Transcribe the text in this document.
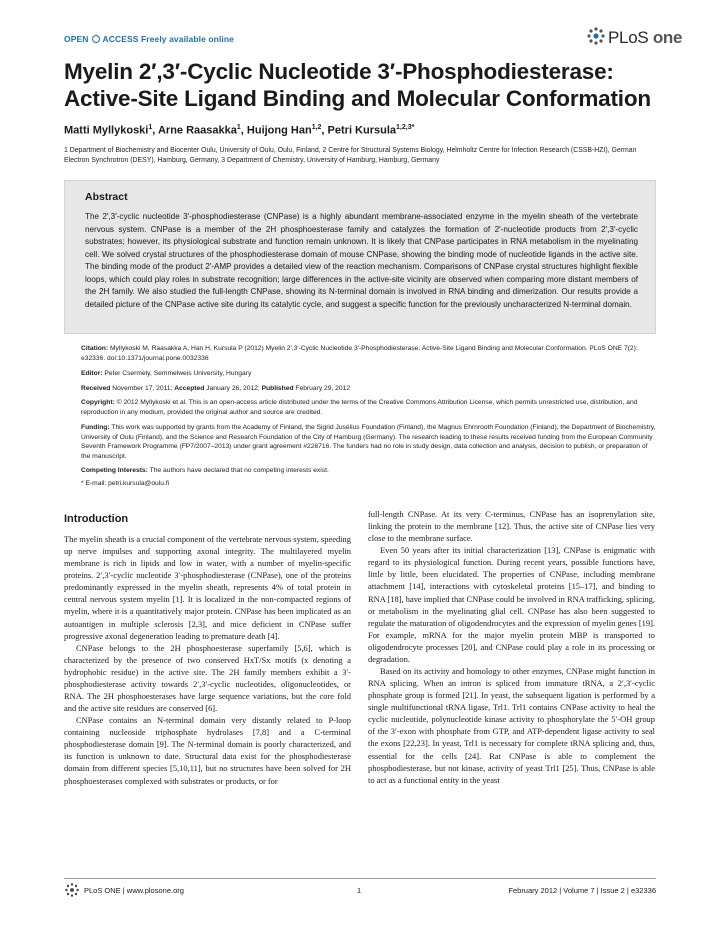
OPEN ACCESS Freely available online	PLoS one
Myelin 2′,3′-Cyclic Nucleotide 3′-Phosphodiesterase: Active-Site Ligand Binding and Molecular Conformation
Matti Myllykoski$^1$, Arne Raasakka$^1$, Huijong Han$^{1,2}$, Petri Kursula$^{1,2,3*}$
1 Department of Biochemistry and Biocenter Oulu, University of Oulu, Oulu, Finland, 2 Centre for Structural Systems Biology, Helmholtz Centre for Infection Research (CSSB-HZI), German Electron Synchrotron (DESY), Hamburg, Germany, 3 Department of Chemistry, University of Hamburg, Hamburg, Germany
Abstract
The 2′,3′-cyclic nucleotide 3′-phosphodiesterase (CNPase) is a highly abundant membrane-associated enzyme in the myelin sheath of the vertebrate nervous system. CNPase is a member of the 2H phosphoesterase family and catalyzes the formation of 2′-nucleotide products from 2′,3′-cyclic substrates; however, its physiological substrate and function remain unknown. It is likely that CNPase participates in RNA metabolism in the myelinating cell. We solved crystal structures of the phosphodiesterase domain of mouse CNPase, showing the binding mode of nucleotide ligands in the active site. The binding mode of the product 2′-AMP provides a detailed view of the reaction mechanism. Comparisons of CNPase crystal structures highlight flexible loops, which could play roles in substrate recognition; large differences in the active-site vicinity are observed when comparing more distant members of the 2H family. We also studied the full-length CNPase, showing its N-terminal domain is involved in RNA binding and dimerization. Our results provide a detailed picture of the CNPase active site during its catalytic cycle, and suggest a specific function for the previously uncharacterized N-terminal domain.
Citation: Myllykoski M, Raasakka A, Han H, Kursula P (2012) Myelin 2′,3′-Cyclic Nucleotide 3′-Phosphodiesterase: Active-Site Ligand Binding and Molecular Conformation. PLoS ONE 7(2): e32336. doi:10.1371/journal.pone.0032336
Editor: Peter Csermely, Semmelweis University, Hungary
Received November 17, 2011; Accepted January 26, 2012; Published February 29, 2012
Copyright: © 2012 Myllykoski et al. This is an open-access article distributed under the terms of the Creative Commons Attribution License, which permits unrestricted use, distribution, and reproduction in any medium, provided the original author and source are credited.
Funding: This work was supported by grants from the Academy of Finland, the Sigrid Jusélius Foundation (Finland), the Magnus Ehrnrooth Foundation (Finland), the Department of Biochemistry, University of Oulu (Finland), and the Science and Research Foundation of the City of Hamburg (Germany). The research leading to these results received funding from the European Community Seventh Framework Programme (FP7/2007–2013) under grant agreement #226716. The funders had no role in study design, data collection and analysis, decision to publish, or preparation of the manuscript.
Competing Interests: The authors have declared that no competing interests exist.
* E-mail: petri.kursula@oulu.fi
Introduction

The myelin sheath is a crucial component of the vertebrate nervous system, speeding up nerve impulses and supporting axonal integrity. The multilayered myelin membrane is rich in lipids and low in water, with a number of myelin-specific proteins. 2′,3′-cyclic nucleotide 3′-phosphodiesterase (CNPase), one of the proteins predominantly expressed in the myelin sheath, represents 4% of total protein in central nervous system myelin [1]. It is localized in the non-compacted regions of myelin, where it is a quantitatively major protein. CNPase has been implicated as an autoantigen in multiple sclerosis [2,3], and mice deficient in CNPase suffer progressive axonal degeneration leading to premature death [4].

CNPase belongs to the 2H phosphoesterase superfamily [5,6], which is characterized by the presence of two conserved HxT/Sx motifs (x denoting a hydrophobic residue) in the active site. The 2H family members exhibit a 3′-phosphodiesterase activity towards 2′,3′-cyclic nucleotides, oligonucleotides, or RNA. The 2H phosphoesterases have large sequence variations, but the core fold and the active site residues are conserved [6].

CNPase contains an N-terminal domain very distantly related to P-loop containing nucleoside triphosphate hydrolases [7,8] and a C-terminal phosphodiesterase domain [9]. The N-terminal domain is poorly characterized, and its function is unknown to date. Structural data exist for the phosphodiesterase domain from different species [5,10,11], but no structures have been solved for 2H phosphoesterases complexed with substrates or products, or for

full-length CNPase. At its very C-terminus, CNPase has an isoprenylation site, linking the protein to the membrane [12]. Thus, the active site of CNPase lies very close to the membrane surface.

Even 50 years after its initial characterization [13], CNPase is enigmatic with regard to its physiological function. During recent years, possible functions have, little by little, been elucidated. The properties of CNPase, including membrane attachment [14], interactions with cytoskeletal proteins [15–17], and binding to RNA [18], have implied that CNPase could be involved in RNA trafficking, splicing, or metabolism in the myelinating glial cell. CNPase has also been suggested to regulate the maturation of oligodendrocytes and the expression of myelin genes [19]. For example, mRNA for the major myelin protein MBP is transported to oligodendrocyte processes [20], and CNPase could play a role in its processing or degradation.

Based on its activity and homology to other enzymes, CNPase might function in RNA splicing. When an intron is spliced from immature tRNA, a 2′,3′-cyclic phosphate group is formed [21]. In yeast, the subsequent ligation is performed by a single multifunctional tRNA ligase, Trl1. Trl1 contains CNPase activity to heal the cyclic nucleotide, polynucleotide kinase activity to phosphorylate the 5′-OH group of the 3′-exon with phosphate from GTP, and ATP-dependent ligase activity to seal the exons [22,23]. In yeast, Trl1 is necessary for complete tRNA splicing and, thus, essential for the cells [24]. Rat CNPase is able to complement the phosphodiesterase, but not kinase, activity of yeast Trl1 [25]. Thus, CNPase is able to act as a functional entity in the yeast

PLoS ONE | www.plosone.org	1	February 2012 | Volume 7 | Issue 2 | e32336
